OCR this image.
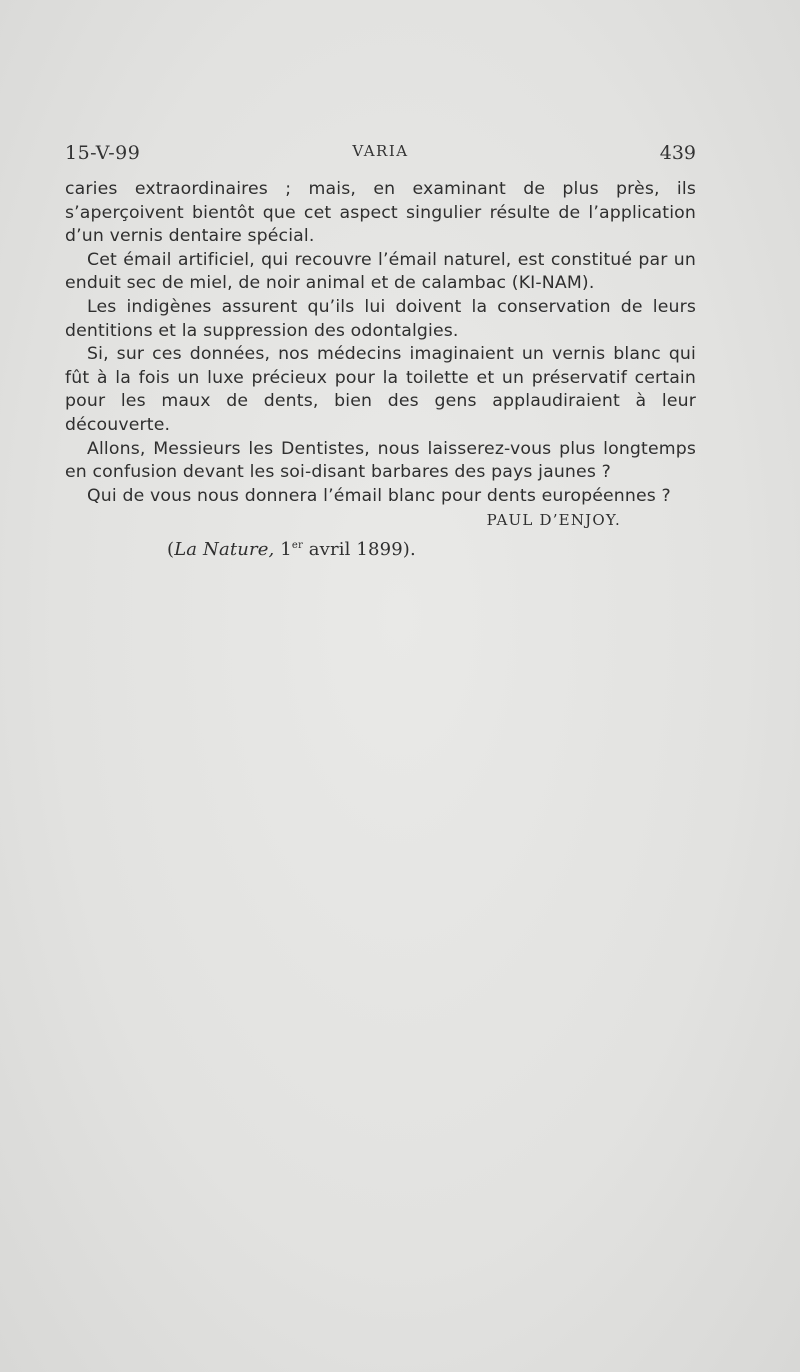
15-V-99	VARIA	439

caries extraordinaires ; mais, en examinant de plus près, ils s’aperçoivent bientôt que cet aspect singulier résulte de l’application d’un vernis dentaire spécial.

Cet émail artificiel, qui recouvre l’émail naturel, est constitué par un enduit sec de miel, de noir animal et de calambac (KI-NAM).

Les indigènes assurent qu’ils lui doivent la conservation de leurs dentitions et la suppression des odontalgies.

Si, sur ces données, nos médecins imaginaient un vernis blanc qui fût à la fois un luxe précieux pour la toilette et un préservatif certain pour les maux de dents, bien des gens applaudiraient à leur découverte.

Allons, Messieurs les Dentistes, nous laisserez-vous plus longtemps en confusion devant les soi-disant barbares des pays jaunes ?

Qui de vous nous donnera l’émail blanc pour dents européennes ?

PAUL D’ENJOY.

(La Nature, 1er avril 1899).
